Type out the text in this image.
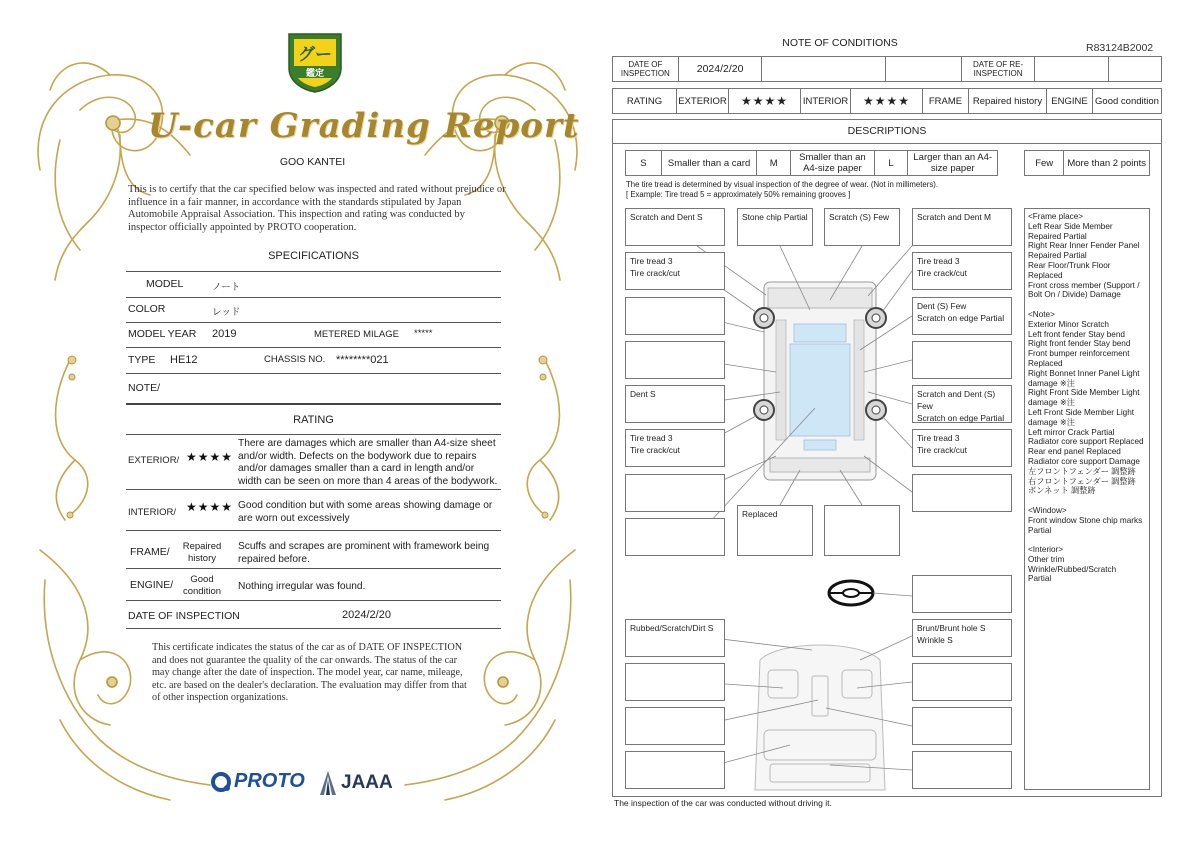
グー
鑑定
U-car Grading Report
GOO KANTEI
This is to certify that the car specified below was inspected and rated without prejudice or influence in a fair manner, in accordance with the standards stipulated by Japan Automobile Appraisal Association. This inspection and rating was conducted by inspector officially appointed by PROTO cooperation.
SPECIFICATIONS
MODEL	ノート
COLOR	レッド
MODEL YEAR 2019	METERED MILAGE *****
TYPE HE12	CHASSIS NO. ********021
NOTE/
RATING
EXTERIOR/ ★★★★
There are damages which are smaller than A4-size sheet and/or width. Defects on the bodywork due to repairs and/or damages smaller than a card in length and/or width can be seen on more than 4 areas of the bodywork.
INTERIOR/ ★★★★ Good condition but with some areas showing damage or are worn out excessively
FRAME/	Repaired history
Scuffs and scrapes are prominent with framework being repaired before.
ENGINE/	Good condition	Nothing irregular was found.
DATE OF INSPECTION	2024/2/20
This certificate indicates the status of the car as of DATE OF INSPECTION and does not guarantee the quality of the car onwards. The status of the car may change after the date of inspection. The model year, car name, mileage, etc. are based on the dealer's declaration. The evaluation may differ from that of other inspection organizations.
PROTO JAAA
NOTE OF CONDITIONS	R83124B2002
DATE OF INSPECTION	2024/2/20	DATE OF RE-INSPECTION
RATING	EXTERIOR	★★★★	INTERIOR	★★★★	FRAME	Repaired history ENGINE Good condition
DESCRIPTIONS
S	Smaller than a card	M	Smaller than an A4-size paper	L	Larger than an A4-size paper	Few	More than 2 points
The tire tread is determined by visual inspection of the degree of wear. (Not in millimeters).
[ Example: Tire tread 5 = approximately 50% remaining grooves ]
Scratch and Dent S
Tire tread 3
Tire crack/cut
Dent S
Tire tread 3
Tire crack/cut
Stone chip Partial	Scratch (S) Few
Replaced
Scratch and Dent M
Tire tread 3
Tire crack/cut
Dent (S) Few
Scratch on edge Partial
Scratch and Dent (S) Few
Scratch on edge Partial
Tire tread 3
Tire crack/cut
Rubbed/Scratch/Dirt S	Brunt/Brunt hole S
Wrinkle S
<Frame place>
Left Rear Side Member
Repaired Partial
Right Rear Inner Fender Panel
Repaired Partial
Rear Floor/Trunk Floor
Replaced
Front cross member (Support /
Bolt On / Divide) Damage

<Note>
Exterior Minor Scratch
Left front fender Stay bend
Right front fender Stay bend
Front bumper reinforcement
Replaced
Right Bonnet Inner Panel Light
damage ※注
Right Front Side Member Light
damage ※注
Left Front Side Member Light
damage ※注
Left mirror Crack Partial
Radiator core support Replaced
Rear end panel Replaced
Radiator core support Damage
左フロントフェンダー 調整跡
右フロントフェンダー 調整跡
ボンネット 調整跡

<Window>
Front window Stone chip marks
Partial

<Interior>
Other trim
Wrinkle/Rubbed/Scratch
Partial
The inspection of the car was conducted without driving it.
